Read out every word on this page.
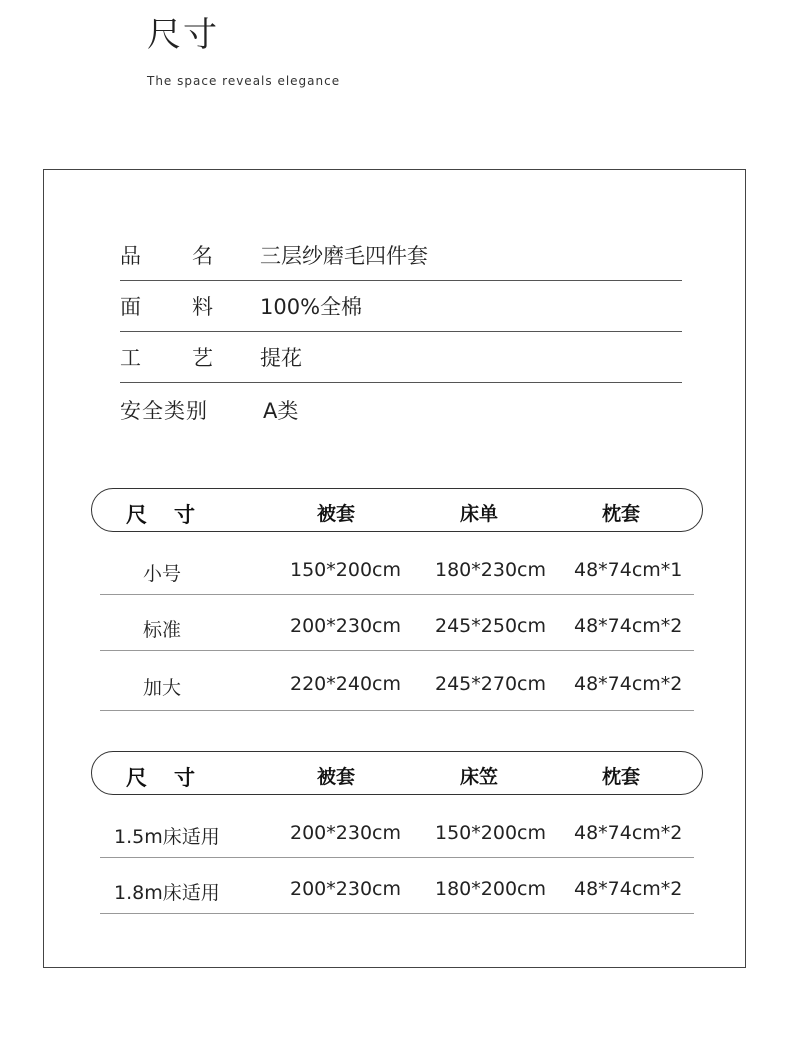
尺寸
The space reveals elegance
品 名 三层纱磨毛四件套
面 料 100%全棉
工 艺 提花
安全类别	A类
尺 寸	被套	床单	枕套
小号	150*200cm 180*230cm 48*74cm*1
标准	200*230cm 245*250cm 48*74cm*2
加大	220*240cm 245*270cm 48*74cm*2
尺 寸	被套	床笠	枕套
1.5m床适用	200*230cm 150*200cm 48*74cm*2
1.8m床适用	200*230cm 180*200cm 48*74cm*2
